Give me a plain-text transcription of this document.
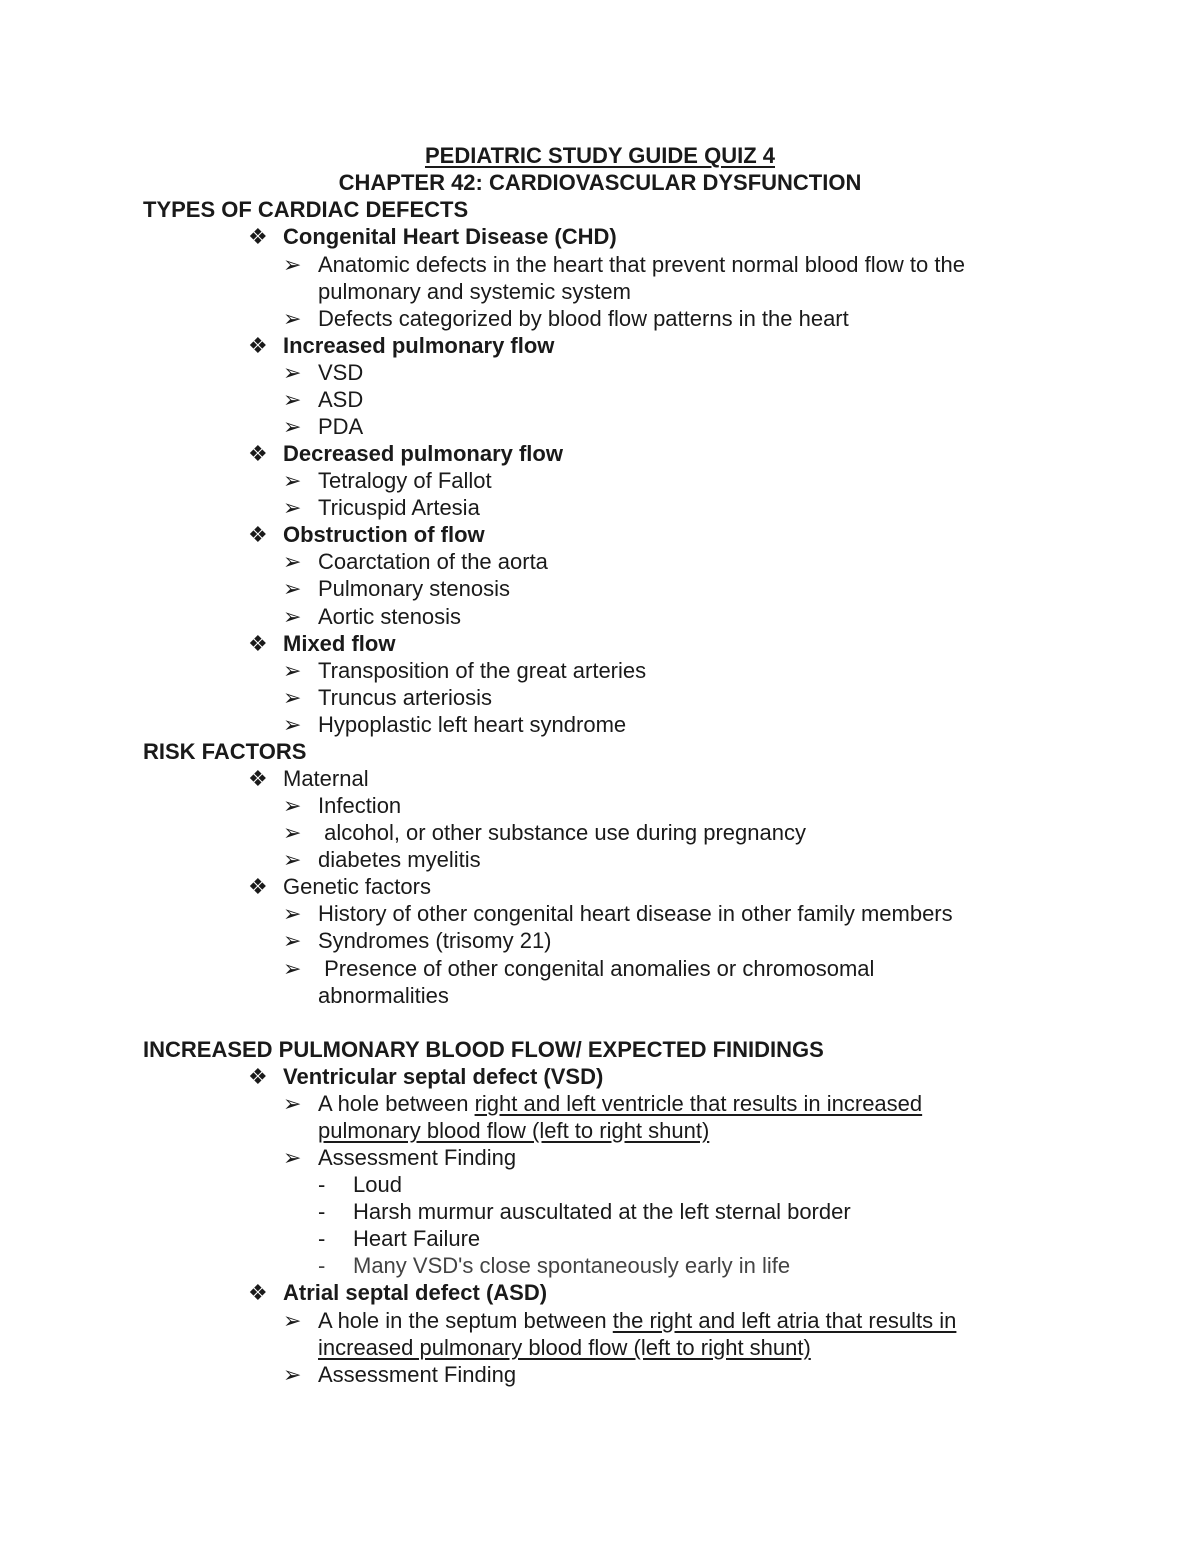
PEDIATRIC STUDY GUIDE QUIZ 4
CHAPTER 42: CARDIOVASCULAR DYSFUNCTION
TYPES OF CARDIAC DEFECTS
❖ Congenital Heart Disease (CHD)
➢ Anatomic defects in the heart that prevent normal blood flow to the
pulmonary and systemic system
➢ Defects categorized by blood flow patterns in the heart
❖ Increased pulmonary flow
➢ VSD
➢ ASD
➢ PDA
❖ Decreased pulmonary flow
➢ Tetralogy of Fallot
➢ Tricuspid Artesia
❖ Obstruction of flow
➢ Coarctation of the aorta
➢ Pulmonary stenosis
➢ Aortic stenosis
❖ Mixed flow
➢ Transposition of the great arteries
➢ Truncus arteriosis
➢ Hypoplastic left heart syndrome
RISK FACTORS
❖ Maternal
➢ Infection
➢ alcohol, or other substance use during pregnancy
➢ diabetes myelitis
❖ Genetic factors
➢ History of other congenital heart disease in other family members
➢ Syndromes (trisomy 21)
➢ Presence of other congenital anomalies or chromosomal
abnormalities
INCREASED PULMONARY BLOOD FLOW/ EXPECTED FINIDINGS
❖ Ventricular septal defect (VSD)
➢ A hole between right and left ventricle that results in increased
pulmonary blood flow (left to right shunt)
➢ Assessment Finding
- Loud
- Harsh murmur auscultated at the left sternal border
- Heart Failure
- Many VSD's close spontaneously early in life
❖ Atrial septal defect (ASD)
➢ A hole in the septum between the right and left atria that results in
increased pulmonary blood flow (left to right shunt)
➢ Assessment Finding
